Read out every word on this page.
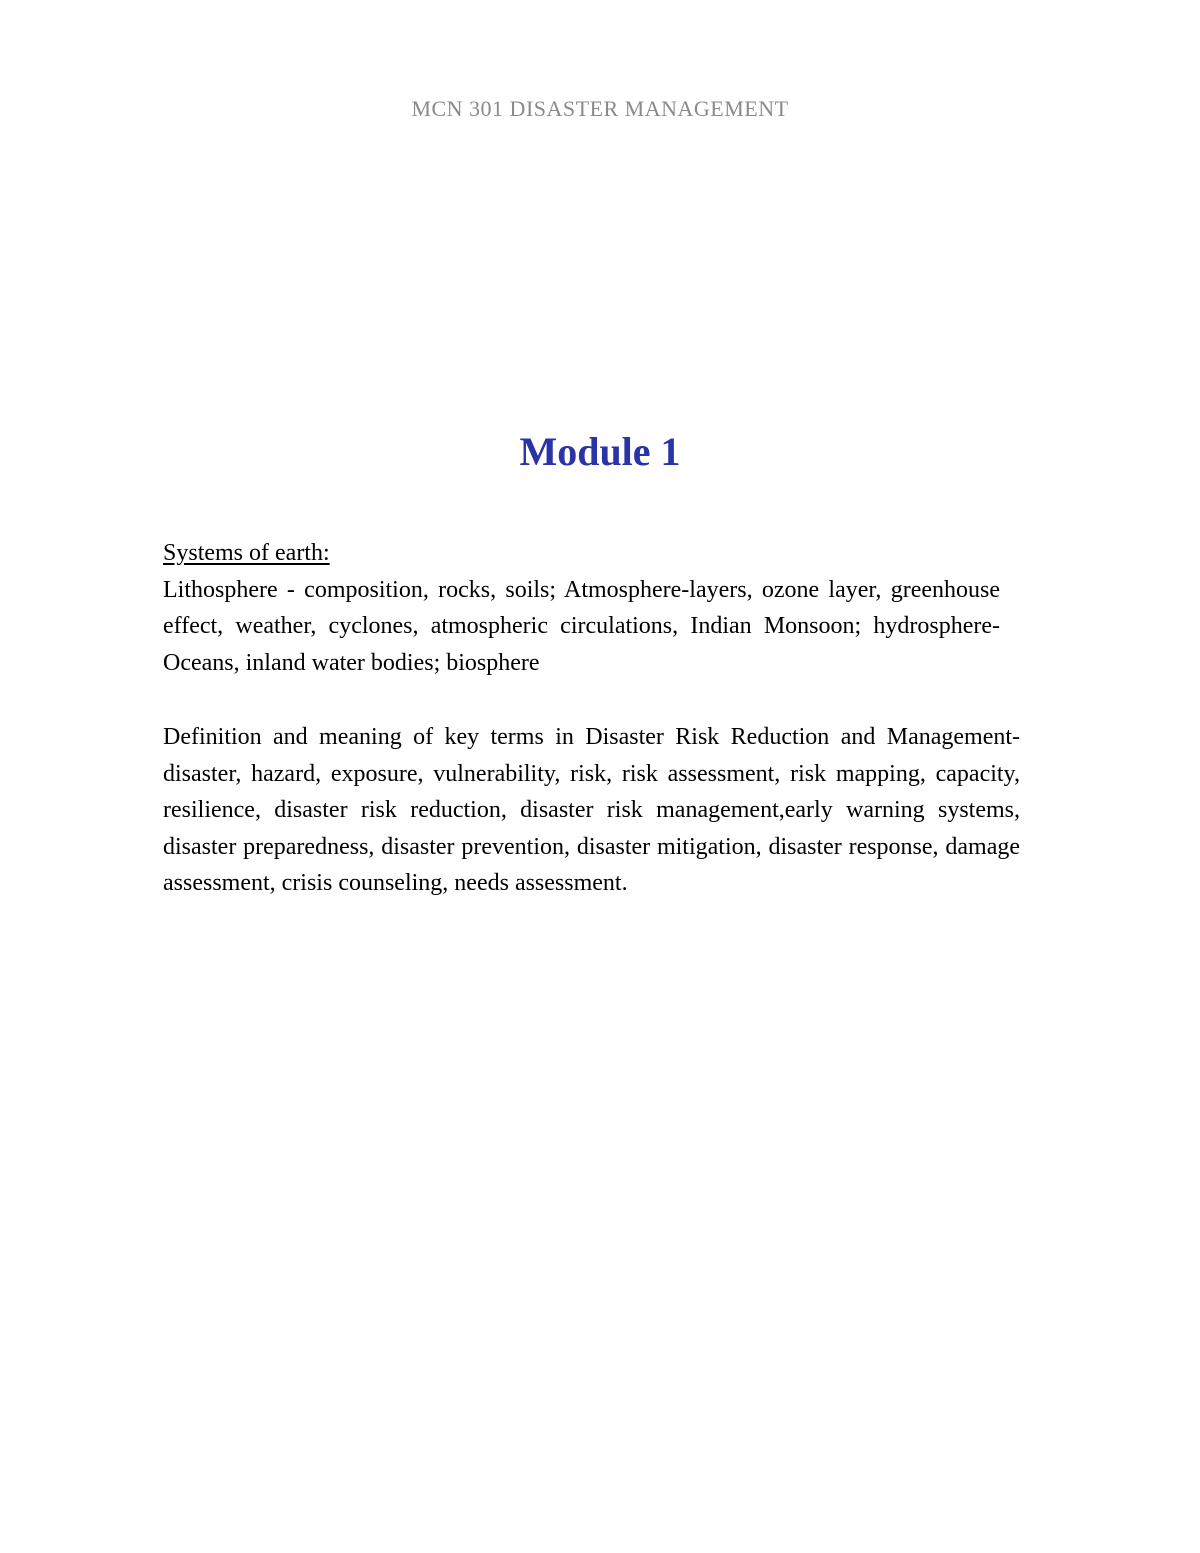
MCN 301 DISASTER MANAGEMENT
Module 1
Systems of earth:

Lithosphere - composition, rocks, soils; Atmosphere-layers, ozone layer, greenhouse effect, weather, cyclones, atmospheric circulations, Indian Monsoon; hydrosphere- Oceans, inland water bodies; biosphere

Definition and meaning of key terms in Disaster Risk Reduction and Management- disaster, hazard, exposure, vulnerability, risk, risk assessment, risk mapping, capacity, resilience, disaster risk reduction, disaster risk management,early warning systems, disaster preparedness, disaster prevention, disaster mitigation, disaster response, damage assessment, crisis counseling, needs assessment.
